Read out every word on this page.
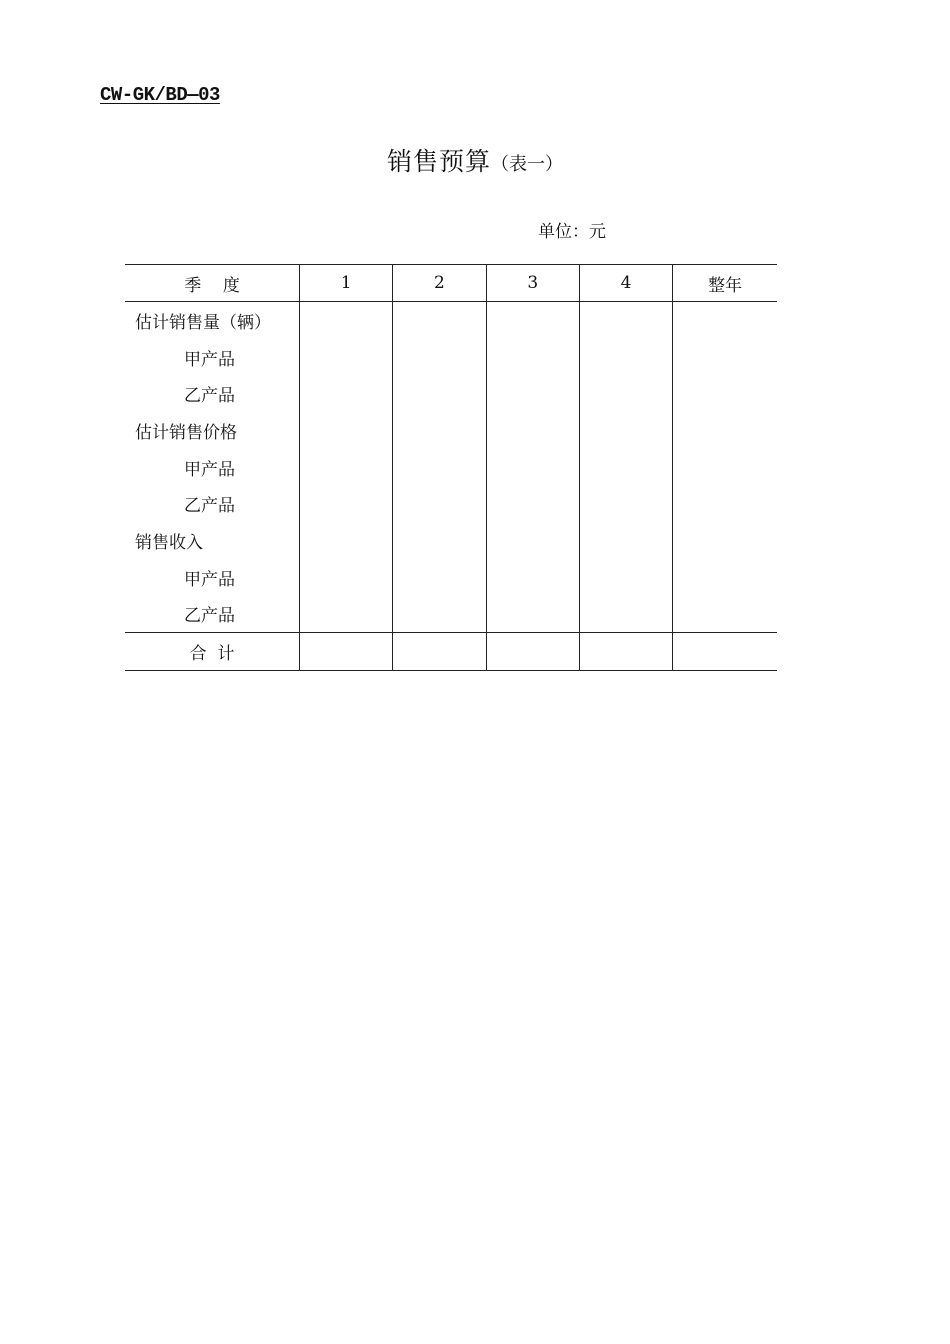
CW-GK/BD—03
销售预算（表一）
单位：元
季    度	1	2	3	4	整年
估计销售量（辆）					
甲产品					
乙产品					
估计销售价格					
甲产品					
乙产品					
销售收入					
甲产品					
乙产品					
合  计					
